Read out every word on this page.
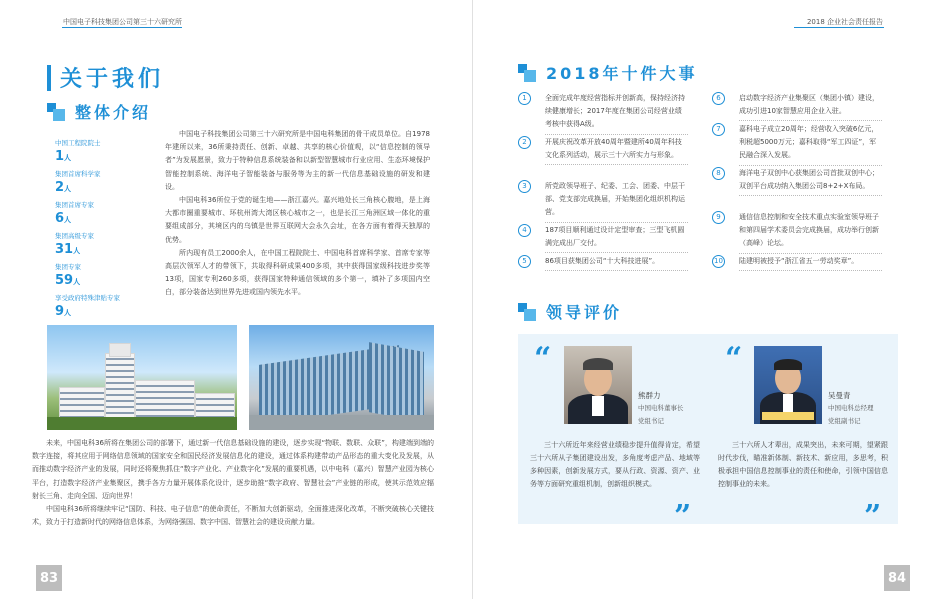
中国电子科技集团公司第三十六研究所
关于我们
整体介绍
中国工程院院士
1人
集团首席科学家
2人
集团首席专家
6人
集团高级专家
31人
集团专家
59人
享受政府特殊津贴专家
9人

中国电子科技集团公司第三十六研究所是中国电科集团的骨干成员单位。自1978年建所以来，36所秉持责任、创新、卓越、共享的核心价值观，以“信息控制的领导者”为发展愿景，致力于特种信息系统装备和以新型智慧城市行业应用、生态环境保护智能控制系统、海洋电子智能装备与服务等为主的新一代信息基础设施的研发和建设。

中国电科36所位于党的诞生地——浙江嘉兴。嘉兴地处长三角核心腹地，是上海大都市圈重要城市、环杭州湾大湾区核心城市之一，也是长江三角洲区域一体化的重要组成部分，其境区内的乌镇是世界互联网大会永久会址，在各方面有着得天独厚的优势。

所内现有员工2000余人，在中国工程院院士、中国电科首席科学家、首席专家等高层次领军人才的带领下，共取得科研成果400多项，其中获得国家级科技进步奖等13项，国家专利260多项，获得国家特种通信领域的多个第一，填补了多项国内空白，部分装备达到世界先进或国内领先水平。

未来，中国电科36所将在集团公司的部署下，通过新一代信息基础设施的建设，逐步实现“物联、数联、众联”，构建端到端的数字连接，将其应用于网络信息领域的国家安全和国民经济发展信息化的建设，通过体系构建带动产品形态的重大变化及发展，从而推动数字经济产业的发展，同时还将聚焦抓住“数字产业化、产业数字化”发展的重要机遇，以中电科（嘉兴）智慧产业园为核心平台，打造数字经济产业集聚区，携手各方力量开展体系化设计，逐步助推“数字政府、智慧社会”产业链的形成，使其示范效应辐射长三角、走向全国、迈向世界！

中国电科36所将继续牢记“国防、科技、电子信息”的使命责任，不断加大创新驱动，全面推进深化改革，不断突破核心关键技术，致力于打造新时代的网络信息体系，为网络强国、数字中国、智慧社会的建设贡献力量。

83
2018 企业社会责任报告
2018年十件大事
1	全面完成年度经营指标并创新高，保持经济持续健康增长；2017年度在集团公司经营业绩考核中获得A级。
2	开展庆祝改革开放40周年暨建所40周年科技文化系列活动，展示三十六所实力与形象。
3	所党政领导班子、纪委、工会、团委、中层干部、党支部完成换届，开始集团化组织机构运营。
4	187项目顺利通过设计定型审查；三型飞机圆满完成出厂交付。
5	86项目获集团公司“十大科技进展”。
6	启动数字经济产业集聚区（集团小镇）建设，成功引进10家智慧应用企业入驻。
7	嘉科电子成立20周年；经营收入突破6亿元，利税超5000万元；嘉科取得“军工四证”，军民融合深入发展。
8	海洋电子双创中心获集团公司首批双创中心；双创平台成功纳入集团公司8+2+X布局。
9	通信信息控制和安全技术重点实验室领导班子和第四届学术委员会完成换届，成功举行创新（高峰）论坛。
10 陆建明被授予“浙江省五一劳动奖章”。
领导评价
“	“
”	”
熊群力
中国电科董事长
党组书记
三十六所近年来经营业绩稳步提升值得肯定，希望三十六所从子集团建设出发，多角度考虑产品、地域等多种因素，创新发展方式，要从行政、资源、资产、业务等方面研究重组机制，创新组织模式。
吴曼青
中国电科总经理
党组副书记
三十六所人才辈出，成果突出，未来可期，望紧跟时代步伐，瞄准新体制、新技术、新应用，多思考，积极承担中国信息控制事业的责任和使命，引领中国信息控制事业的未来。
84
